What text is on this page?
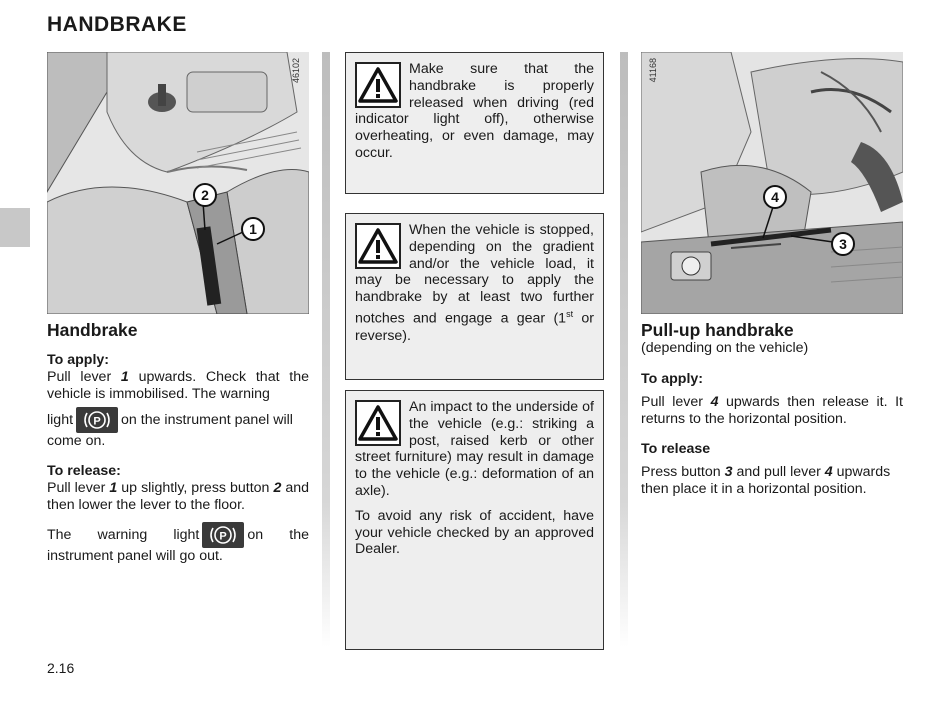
HANDBRAKE
46102
2
1
Handbrake
To apply:

Pull lever 1 upwards. Check that the vehicle is immobilised. The warning

light P on the instrument panel will come on.

To release:

Pull lever 1 up slightly, press button 2 and then lower the lever to the floor.

The warning light P on the instrument panel will go out.

Make sure that the handbrake is properly released when driving (red indicator light off), otherwise overheating, or even damage, may occur.
When the vehicle is stopped, depending on the gradient and/or the vehicle load, it may be necessary to apply the handbrake by at least two further notches and engage a gear (1st or reverse).

An impact to the underside of the vehicle (e.g.: striking a post, raised kerb or other street furniture) may result in damage to the vehicle (e.g.: deformation of an axle).

To avoid any risk of accident, have your vehicle checked by an approved Dealer.

41168
4
3
Pull-up handbrake

(depending on the vehicle)

To apply:

Pull lever 4 upwards then release it. It returns to the horizontal position.

To release

Press button 3 and pull lever 4 upwards then place it in a horizontal position.

2.16
